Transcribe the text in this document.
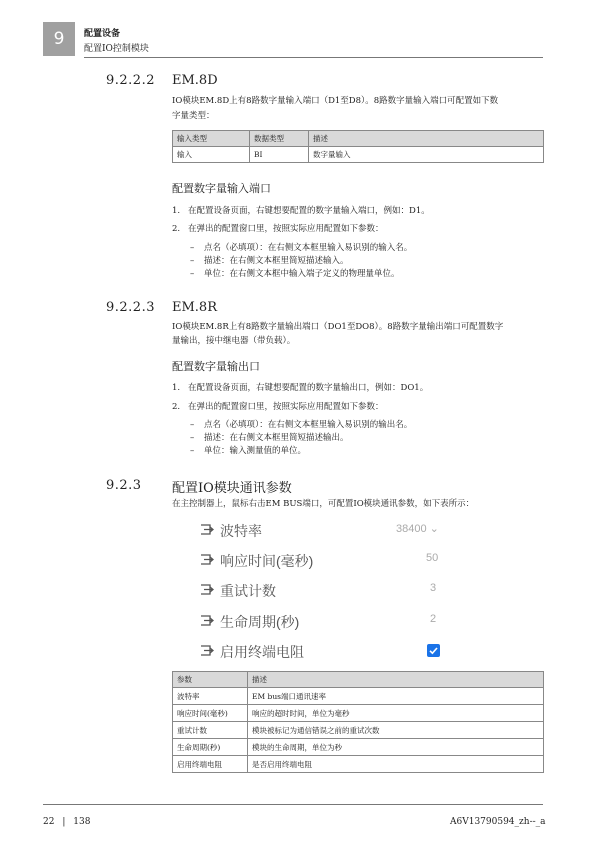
9	配置设备
配置IO控制模块
9.2.2.2 EM.8D
IO模块EM.8D上有8路数字量输入端口（D1至D8）。8路数字量输入端口可配置如下数
字量类型：
输入类型	数据类型	描述
输入	BI	数字量输入
配置数字量输入端口
1. 在配置设备页面，右键想要配置的数字量输入端口，例如：D1。
2. 在弹出的配置窗口里，按照实际应用配置如下参数：
– 点名（必填项）：在右侧文本框里输入易识别的输入名。
– 描述：在右侧文本框里简短描述输入。
– 单位：在右侧文本框中输入端子定义的物理量单位。
9.2.2.3 EM.8R
IO模块EM.8R上有8路数字量输出端口（DO1至DO8）。8路数字量输出端口可配置数字
量输出，接中继电器（带负载）。
配置数字量输出口
1. 在配置设备页面，右键想要配置的数字量输出口，例如：DO1。
2. 在弹出的配置窗口里，按照实际应用配置如下参数：
– 点名（必填项）：在右侧文本框里输入易识别的输出名。
– 描述：在右侧文本框里简短描述输出。
– 单位：输入测量值的单位。
9.2.3 配置IO模块通讯参数
在主控制器上，鼠标右击EM BUS端口，可配置IO模块通讯参数，如下表所示：
波特率	38400 ⌄
响应时间(毫秒)	50
重试计数	3
生命周期(秒)	2
启用终端电阻
参数	描述
波特率	EM bus端口通讯速率
响应时间(毫秒)	响应的超时时间，单位为毫秒
重试计数	模块被标记为通信错误之前的重试次数
生命周期(秒)	模块的生命周期，单位为秒
启用终端电阻	是否启用终端电阻
22 | 138	A6V13790594_zh--_a
